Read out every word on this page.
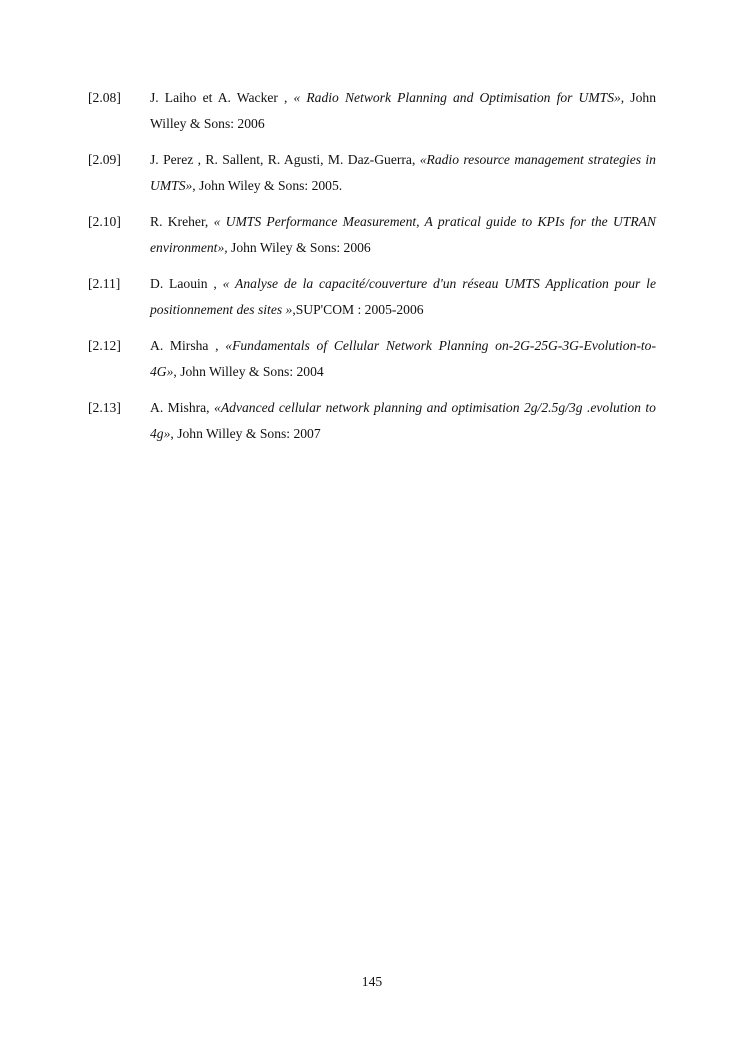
[2.08]	J. Laiho et A. Wacker , « Radio Network Planning and Optimisation for UMTS», John Willey & Sons: 2006
[2.09]	J. Perez , R. Sallent, R. Agusti, M. Daz-Guerra, «Radio resource management strategies in UMTS», John Wiley & Sons: 2005.
[2.10]	R. Kreher, « UMTS Performance Measurement, A pratical guide to KPIs for the UTRAN environment», John Wiley & Sons: 2006
[2.11]	D. Laouin , « Analyse de la capacité/couverture d'un réseau UMTS Application pour le positionnement des sites »,SUP'COM : 2005-2006
[2.12]	A. Mirsha , «Fundamentals of Cellular Network Planning on-2G-25G-3G-Evolution-to-4G», John Willey & Sons: 2004
[2.13]	A. Mishra, «Advanced cellular network planning and optimisation 2g/2.5g/3g .evolution to 4g», John Willey & Sons: 2007
145
